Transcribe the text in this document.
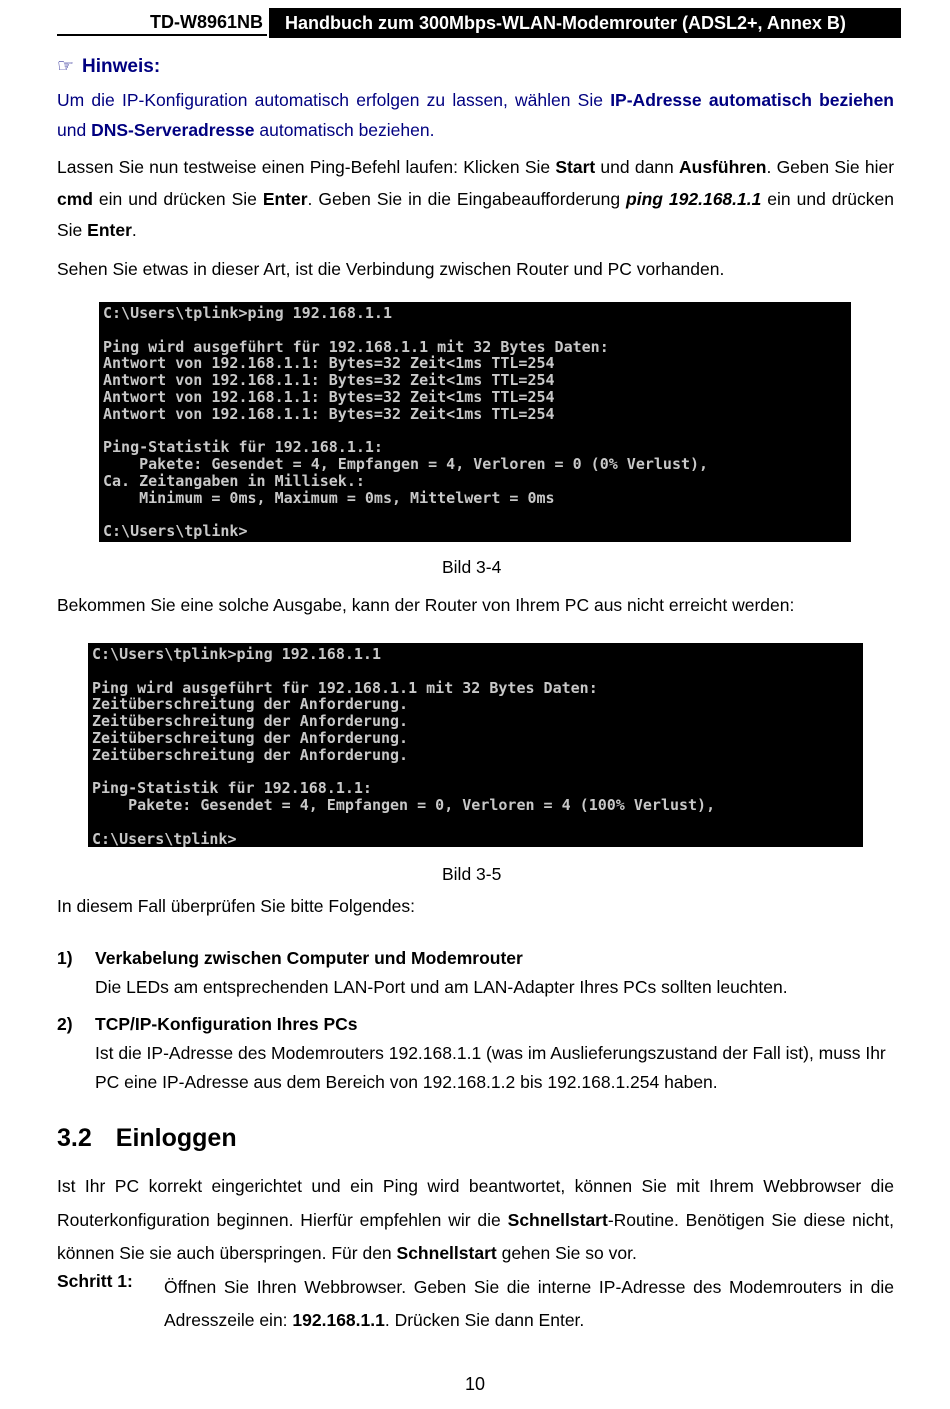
TD-W8961NB	Handbuch zum 300Mbps-WLAN-Modemrouter (ADSL2+, Annex B)
☞ Hinweis:
Um die IP-Konfiguration automatisch erfolgen zu lassen, wählen Sie IP-Adresse automatisch beziehen und DNS-Serveradresse automatisch beziehen.
Lassen Sie nun testweise einen Ping-Befehl laufen: Klicken Sie Start und dann Ausführen. Geben Sie hier cmd ein und drücken Sie Enter. Geben Sie in die Eingabeaufforderung ping 192.168.1.1 ein und drücken Sie Enter.
Sehen Sie etwas in dieser Art, ist die Verbindung zwischen Router und PC vorhanden.
C:\Users\tplink>ping 192.168.1.1

Ping wird ausgeführt für 192.168.1.1 mit 32 Bytes Daten:
Antwort von 192.168.1.1: Bytes=32 Zeit<1ms TTL=254
Antwort von 192.168.1.1: Bytes=32 Zeit<1ms TTL=254
Antwort von 192.168.1.1: Bytes=32 Zeit<1ms TTL=254
Antwort von 192.168.1.1: Bytes=32 Zeit<1ms TTL=254

Ping-Statistik für 192.168.1.1:
Pakete: Gesendet = 4, Empfangen = 4, Verloren = 0 (0% Verlust),
Ca. Zeitangaben in Millisek.:
Minimum = 0ms, Maximum = 0ms, Mittelwert = 0ms

C:\Users\tplink>
Bild 3-4
Bekommen Sie eine solche Ausgabe, kann der Router von Ihrem PC aus nicht erreicht werden:
C:\Users\tplink>ping 192.168.1.1

Ping wird ausgeführt für 192.168.1.1 mit 32 Bytes Daten:
Zeitüberschreitung der Anforderung.
Zeitüberschreitung der Anforderung.
Zeitüberschreitung der Anforderung.
Zeitüberschreitung der Anforderung.

Ping-Statistik für 192.168.1.1:
Pakete: Gesendet = 4, Empfangen = 0, Verloren = 4 (100% Verlust),

C:\Users\tplink>
Bild 3-5
In diesem Fall überprüfen Sie bitte Folgendes:
1) Verkabelung zwischen Computer und Modemrouter
Die LEDs am entsprechenden LAN-Port und am LAN-Adapter Ihres PCs sollten leuchten.
2) TCP/IP-Konfiguration Ihres PCs
Ist die IP-Adresse des Modemrouters 192.168.1.1 (was im Auslieferungszustand der Fall ist), muss Ihr PC eine IP-Adresse aus dem Bereich von 192.168.1.2 bis 192.168.1.254 haben.
3.2 Einloggen
Ist Ihr PC korrekt eingerichtet und ein Ping wird beantwortet, können Sie mit Ihrem Webbrowser die Routerkonfiguration beginnen. Hierfür empfehlen wir die Schnellstart-Routine. Benötigen Sie diese nicht, können Sie sie auch überspringen. Für den Schnellstart gehen Sie so vor.
Schritt 1: Öffnen Sie Ihren Webbrowser. Geben Sie die interne IP-Adresse des Modemrouters in die Adresszeile ein: 192.168.1.1. Drücken Sie dann Enter.
10
